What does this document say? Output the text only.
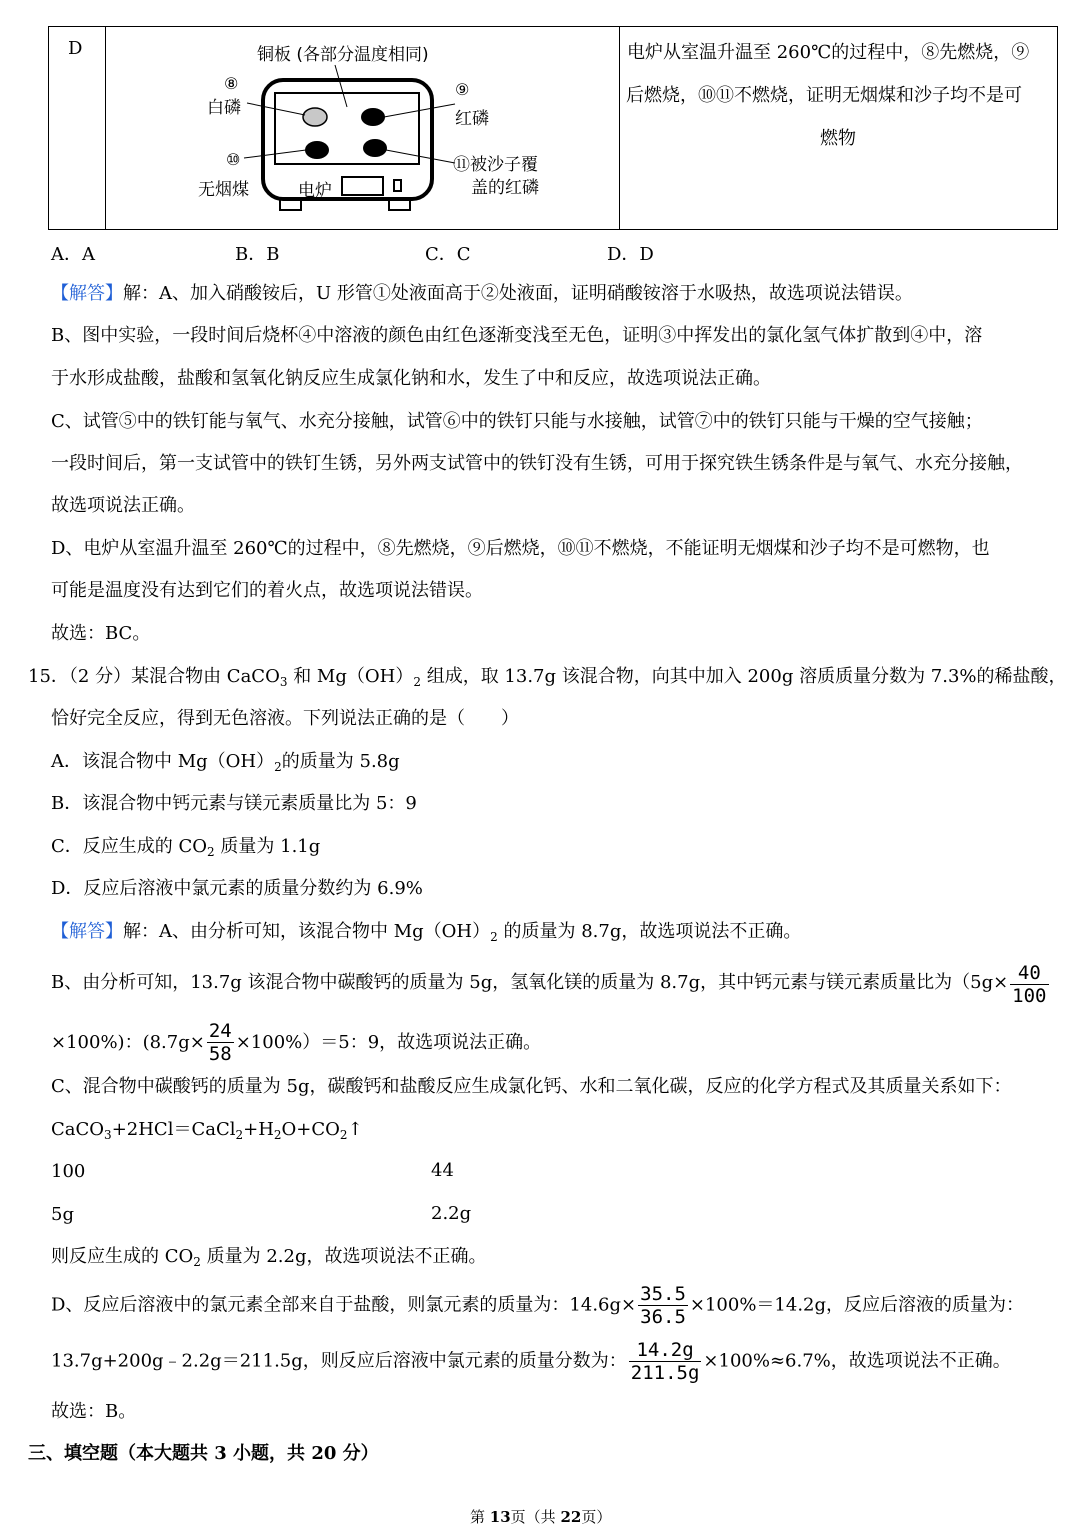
D	铜板 (各部分温度相同)
⑧
白磷
⑨
红磷
⑩
无烟煤
⑪被沙子覆
盖的红磷
电炉
电炉从室温升温至 260℃的过程中，⑧先燃烧，⑨
后燃烧，⑩⑪不燃烧，证明无烟煤和沙子均不是可
燃物
A．A	B．B	C．C	D．D
【解答】解：A、加入硝酸铵后，U 形管①处液面高于②处液面，证明硝酸铵溶于水吸热，故选项说法错误。
B、图中实验，一段时间后烧杯④中溶液的颜色由红色逐渐变浅至无色，证明③中挥发出的氯化氢气体扩散到④中，溶
于水形成盐酸，盐酸和氢氧化钠反应生成氯化钠和水，发生了中和反应，故选项说法正确。
C、试管⑤中的铁钉能与氧气、水充分接触，试管⑥中的铁钉只能与水接触，试管⑦中的铁钉只能与干燥的空气接触；
一段时间后，第一支试管中的铁钉生锈，另外两支试管中的铁钉没有生锈，可用于探究铁生锈条件是与氧气、水充分接触，
故选项说法正确。
D、电炉从室温升温至 260℃的过程中，⑧先燃烧，⑨后燃烧，⑩⑪不燃烧，不能证明无烟煤和沙子均不是可燃物，也
可能是温度没有达到它们的着火点，故选项说法错误。
故选：BC。
15．（2 分）某混合物由 CaCO$_3$ 和 $Mg(OH)_2$ 组成，取 13.7g 该混合物，向其中加入 200g 溶质质量分数为 7.3%的稀盐酸，
恰好完全反应，得到无色溶液。下列说法正确的是（　　）
A．该混合物中 $Mg(OH)_2$的质量为 5.8g
B．该混合物中钙元素与镁元素质量比为 5：9
C．反应生成的 $CO_2$ 质量为 1.1g
D．反应后溶液中氯元素的质量分数约为 6.9%
【解答】解：A、由分析可知，该混合物中 $Mg(OH)_2$ 的质量为 8.7g，故选项说法不正确。
B、由分析可知，13.7g 该混合物中碳酸钙的质量为 5g，氢氧化镁的质量为 8.7g，其中钙元素与镁元素质量比为（$5g\times \frac{40}{100}$
×100%)：$(8.7g\times \frac{24}{58} \times 100\%)=5$：9，故选项说法正确。
C、混合物中碳酸钙的质量为 5g，碳酸钙和盐酸反应生成氯化钙、水和二氧化碳，反应的化学方程式及其质量关系如下：
$CaCO_3+2HCl=CaCl_2+H_2O+CO_2↑$
100	44
5g	2.2g
则反应生成的 $CO_2$ 质量为 2.2g，故选项说法不正确。
D、反应后溶液中的氯元素全部来自于盐酸，则氯元素的质量为：$14.6g\times \frac{35.5}{36.5} \times 100\%=14.2g$，反应后溶液的质量为：
13.7g+200g﹣2.2g＝211.5g，则反应后溶液中氯元素的质量分数为： $\frac{14.2g}{211.5g} \times 100\%\approx 6.7\%$，故选项说法不正确。
故选：B。
三、填空题（本大题共 3 小题，共 20 分）
第 13页（共 22页）
